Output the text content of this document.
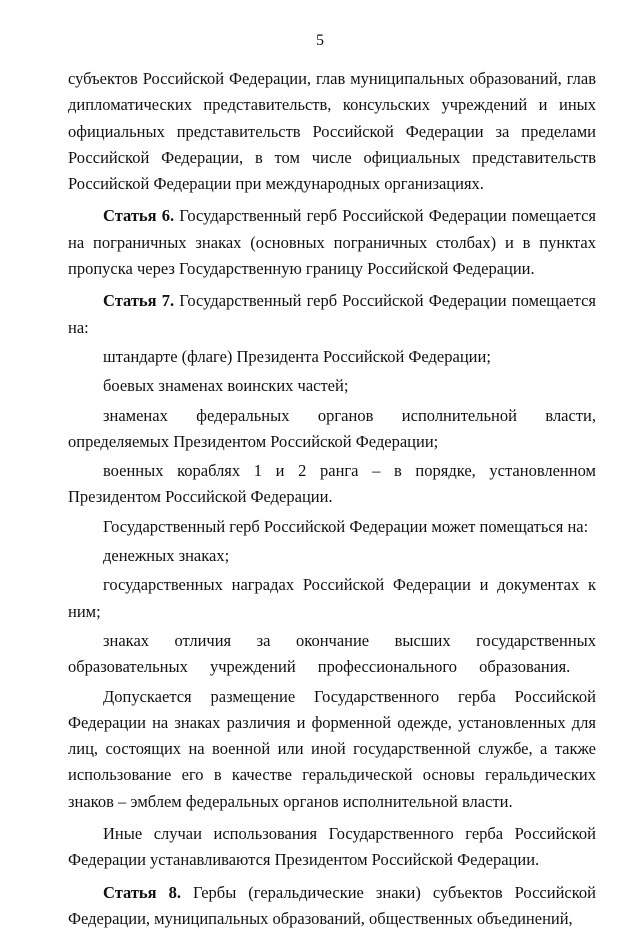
5

субъектов Российской Федерации, глав муниципальных образований, глав дипломатических представительств, консульских учреждений и иных официальных представительств Российской Федерации за пределами Российской Федерации, в том числе официальных представительств Российской Федерации при международных организациях.

Статья 6. Государственный герб Российской Федерации помещается на пограничных знаках (основных пограничных столбах) и в пунктах пропуска через Государственную границу Российской Федерации.

Статья 7. Государственный герб Российской Федерации помещается на:

штандарте (флаге) Президента Российской Федерации;

боевых знаменах воинских частей;

знаменах федеральных органов исполнительной власти, определяемых Президентом Российской Федерации;

военных кораблях 1 и 2 ранга – в порядке, установленном Президентом Российской Федерации.

Государственный герб Российской Федерации может помещаться на:

денежных знаках;

государственных наградах Российской Федерации и документах к ним;

знаках отличия за окончание высших государственных образовательных учреждений профессионального образования.

Допускается размещение Государственного герба Российской Федерации на знаках различия и форменной одежде, установленных для лиц, состоящих на военной или иной государственной службе, а также использование его в качестве геральдической основы геральдических знаков – эмблем федеральных органов исполнительной власти.

Иные случаи использования Государственного герба Российской Федерации устанавливаются Президентом Российской Федерации.

Статья 8. Гербы (геральдические знаки) субъектов Российской Федерации, муниципальных образований, общественных объединений,
